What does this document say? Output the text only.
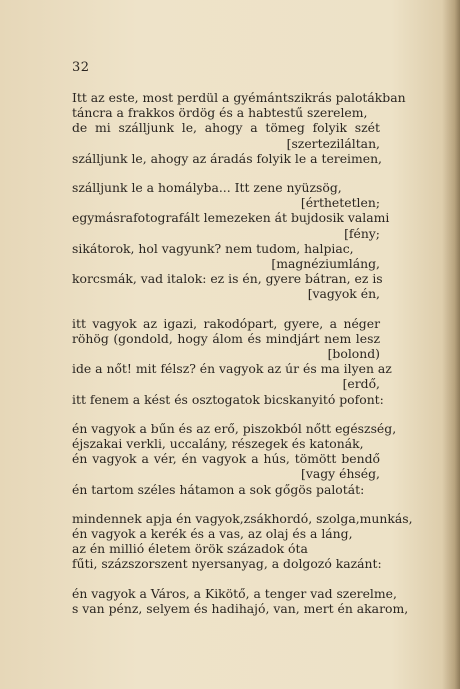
32
Itt az este, most perdül a gyémántszikrás palotákban
táncra a frakkos ördög és a habtestű szerelem,
de mi szálljunk le, ahogy a tömeg folyik szét
[szerteziláltan,
szálljunk le, ahogy az áradás folyik le a tereimen,
szálljunk le a homályba... Itt zene nyüzsög,
[érthetetlen;
egymásrafotografált lemezeken át bujdosik valami
[fény;
sikátorok, hol vagyunk? nem tudom, halpiac,
[magnéziumláng,
korcsmák, vad italok: ez is én, gyere bátran, ez is
[vagyok én,
itt vagyok az igazi, rakodópart, gyere, a néger
röhög (gondold, hogy álom és mindjárt nem lesz
[bolond)
ide a nőt! mit félsz? én vagyok az úr és ma ilyen az
[erdő,
itt fenem a kést és osztogatok bicskanyitó pofont:
én vagyok a bűn és az erő, piszokból nőtt egészség,
éjszakai verkli, uccalány, részegek és katonák,
én vagyok a vér, én vagyok a hús, tömött bendő
[vagy éhség,
én tartom széles hátamon a sok gőgös palotát:
mindennek apja én vagyok,zsákhordó, szolga,munkás,
én vagyok a kerék és a vas, az olaj és a láng,
az én millió életem örök századok óta
fűti, százszorszent nyersanyag, a dolgozó kazánt:
én vagyok a Város, a Kikötő, a tenger vad szerelme,
s van pénz, selyem és hadihajó, van, mert én akarom,
